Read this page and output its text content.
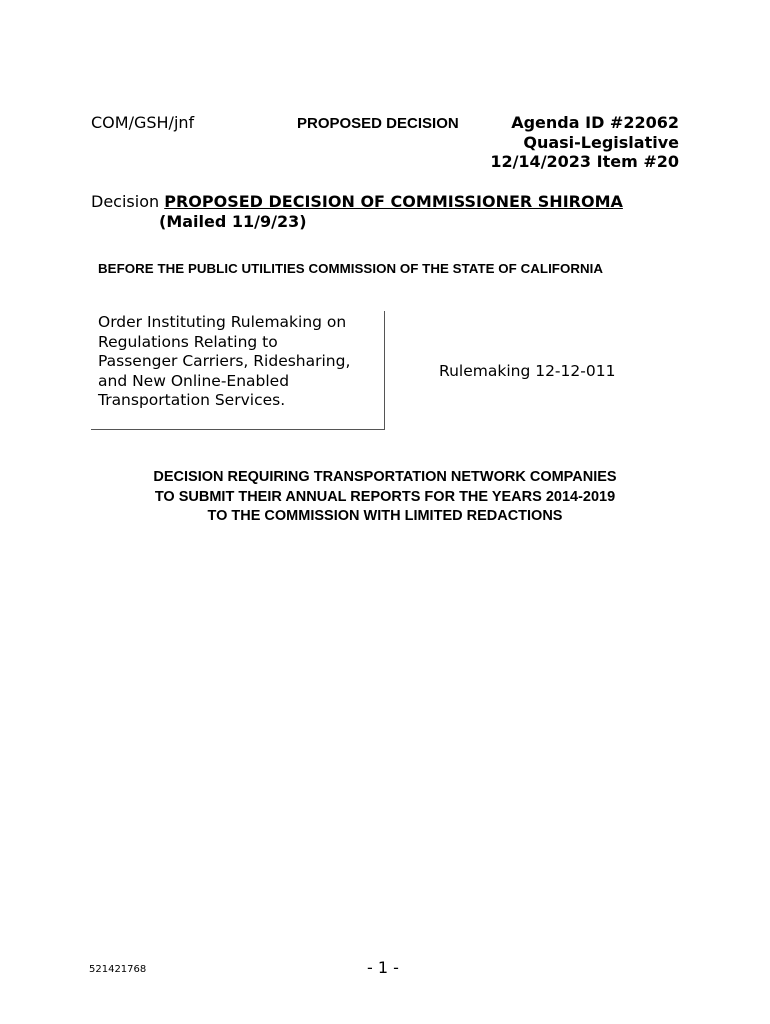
COM/GSH/jnf	PROPOSED DECISION	Agenda ID #22062
Quasi-Legislative
12/14/2023 Item #20
Decision PROPOSED DECISION OF COMMISSIONER SHIROMA
(Mailed 11/9/23)
BEFORE THE PUBLIC UTILITIES COMMISSION OF THE STATE OF CALIFORNIA
Order Instituting Rulemaking on
Regulations Relating to
Passenger Carriers, Ridesharing,
and New Online-Enabled
Transportation Services.
Rulemaking 12-12-011
DECISION REQUIRING TRANSPORTATION NETWORK COMPANIES
TO SUBMIT THEIR ANNUAL REPORTS FOR THE YEARS 2014-2019
TO THE COMMISSION WITH LIMITED REDACTIONS
521421768	- 1 -
